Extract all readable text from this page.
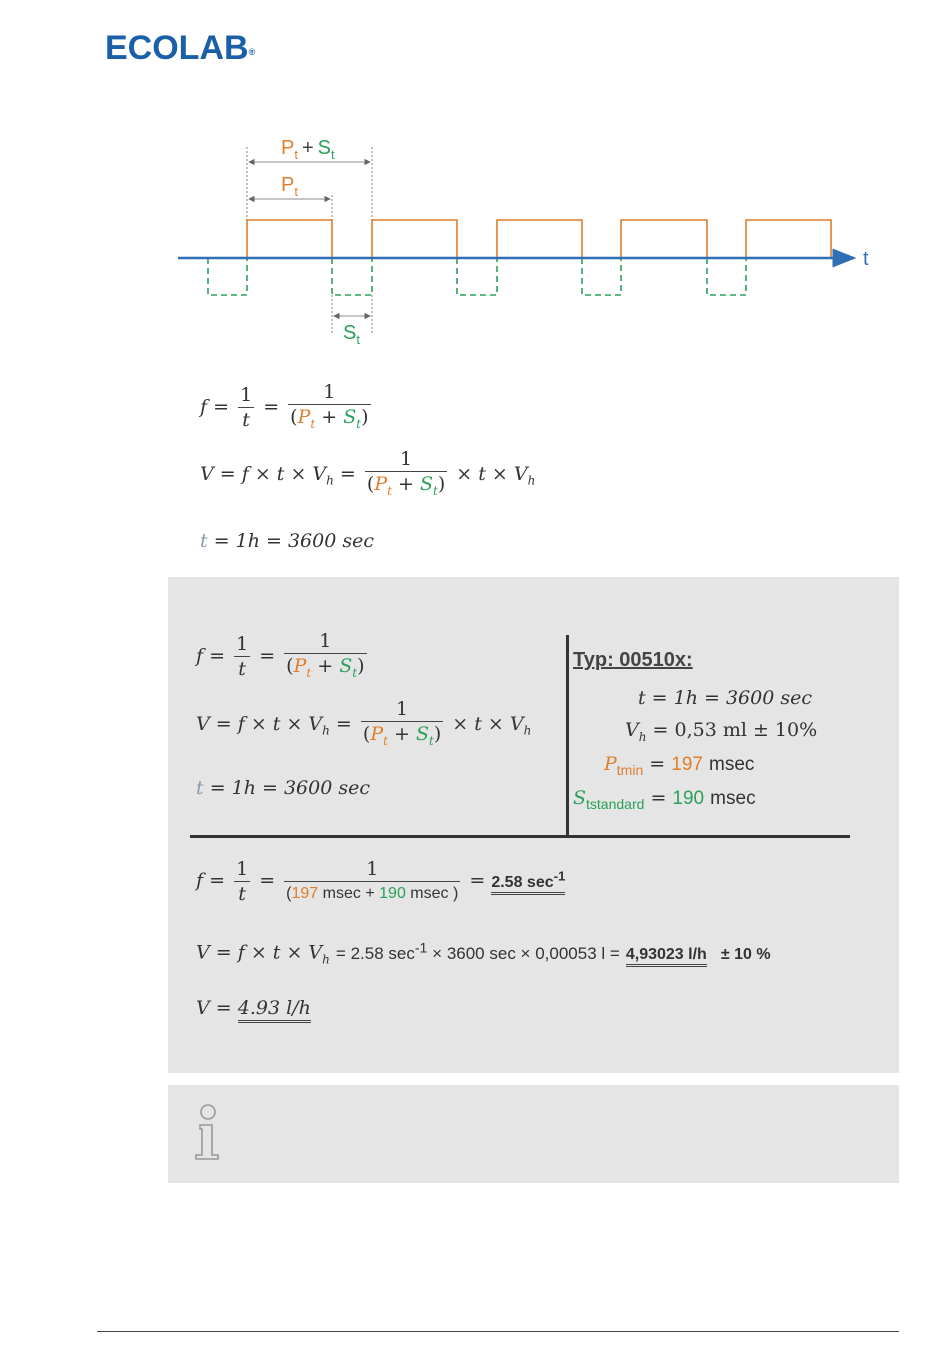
ECOLAB®
t
$P_t + S_t$
$P_t$
$S_t$
$f = \frac{1}{t} = \frac{1}{(P_t + S_t)}$
$V = f \times t \times V_h = \frac{1}{(P_t + S_t)} \times t \times V_h$
t = 1h = 3600 sec
$f = \frac{1}{t} = \frac{1}{(P_t + S_t)}$
$V = f \times t \times V_h = \frac{1}{(P_t + S_t)} \times t \times V_h$
t = 1h = 3600 sec
Typ: 00510x:
t = 1h = 3600 sec
$V_h = 0,53$ ml ± 10%
$P_{tmin} = 197$ msec
$S_{tstandard} = 190$ msec
$f = \frac{1}{t} = \frac{1}{(197 msec + 190 msec )} = 2.58$ $\sec^{-1}$
$V = f \times t \times V_h = 2.58$ $\sec^{-1} \times 3600$ sec × 0,00053 l = 4,93023 l/h ± 10 %
V = 4.93 l/h
